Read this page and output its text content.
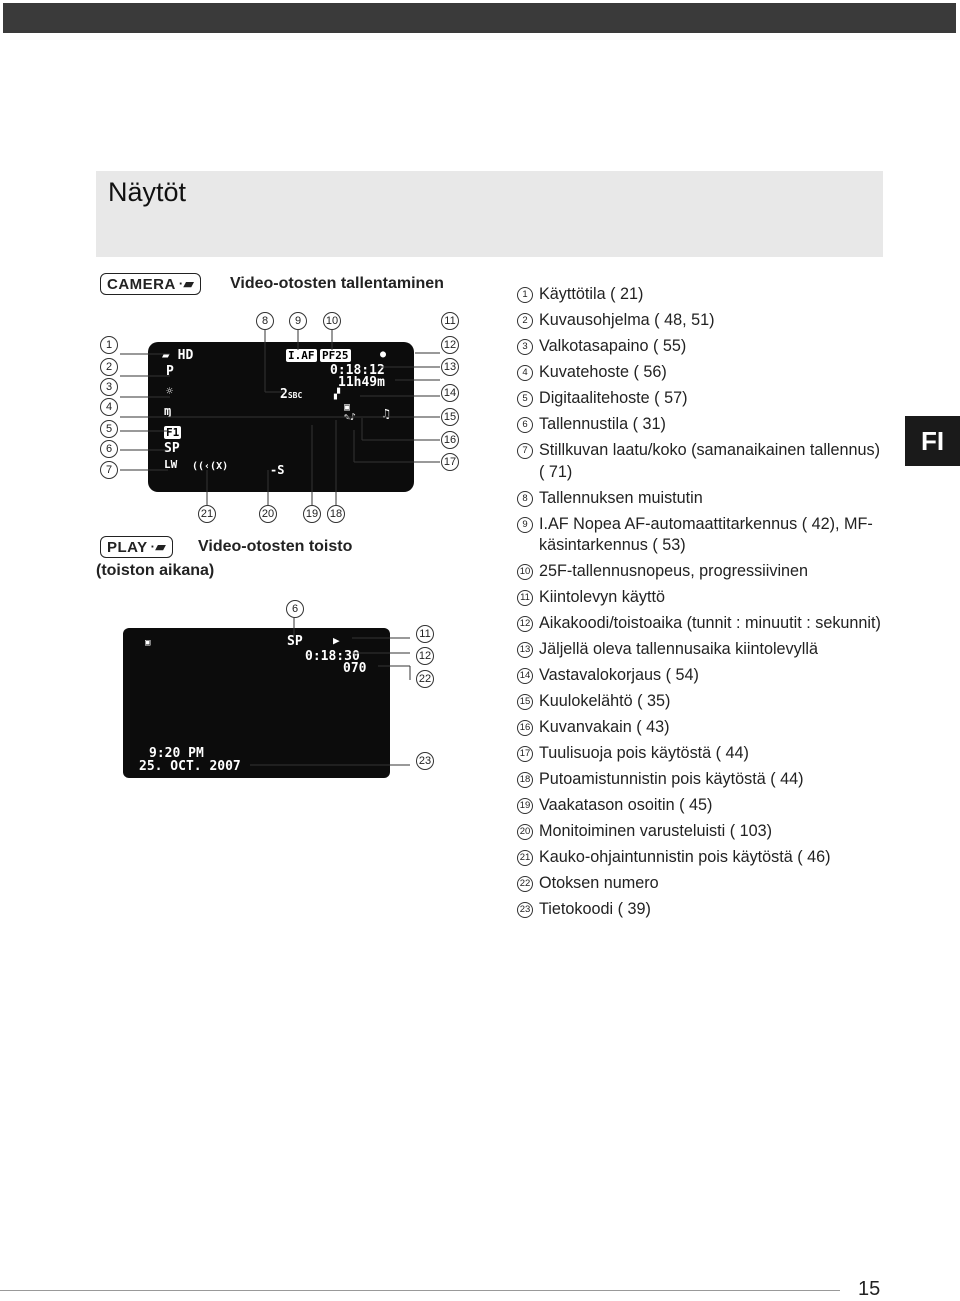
Näytöt
FI
CAMERA ·▰ Video-otosten tallentaminen
1
2
3
4
5
6
7
8	9	10	11
12
13
14
15
16
17
21	20	19 18
▰ HD
P
☼
ɱ
F1
SP
LW ((‹(X)	-S
I.AF PF25	●
0:18:12
11h49m
2SBC	▞
▣
✎♪ ♫
PLAY ·▰ Video-otosten toisto
(toiston aikana)
6
11
12
22
23
▣	SP	▶
0:18:30
070
9:20 PM
25. OCT. 2007
1 Käyttötila ( 21)
2 Kuvausohjelma ( 48, 51)
3 Valkotasapaino ( 55)
4 Kuvatehoste ( 56)
5 Digitaalitehoste ( 57)
6 Tallennustila ( 31)
7 Stillkuvan laatu/koko (samanaikainen tallennus) ( 71)
8 Tallennuksen muistutin
9 I.AF Nopea AF-automaattitarkennus ( 42), MF-käsintarkennus ( 53)
10 25F-tallennusnopeus, progressiivinen
11 Kiintolevyn käyttö
12 Aikakoodi/toistoaika (tunnit : minuutit : sekunnit)
13 Jäljellä oleva tallennusaika kiintolevyllä
14 Vastavalokorjaus ( 54)
15 Kuulokelähtö ( 35)
16 Kuvanvakain ( 43)
17 Tuulisuoja pois käytöstä ( 44)
18 Putoamistunnistin pois käytöstä ( 44)
19 Vaakatason osoitin ( 45)
20 Monitoiminen varusteluisti ( 103)
21 Kauko-ohjaintunnistin pois käytöstä ( 46)
22 Otoksen numero
23 Tietokoodi ( 39)
15
